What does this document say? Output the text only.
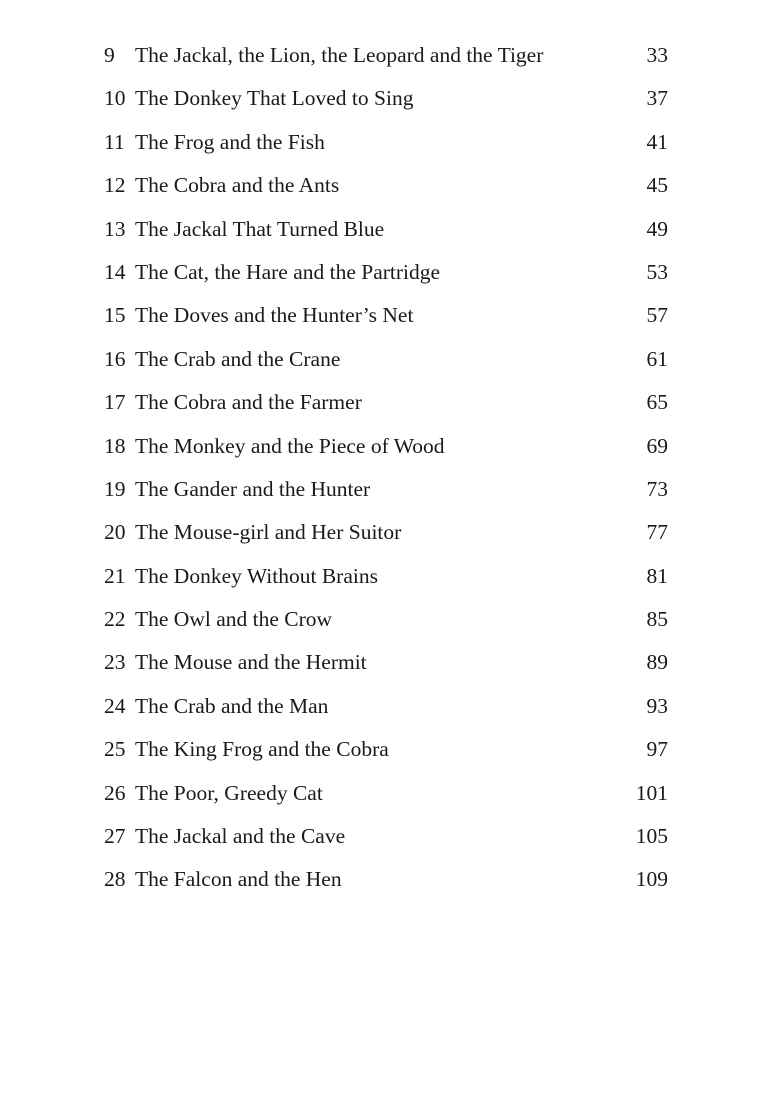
9 The Jackal, the Lion, the Leopard and the Tiger	33
10 The Donkey That Loved to Sing	37
11 The Frog and the Fish	41
12 The Cobra and the Ants	45
13 The Jackal That Turned Blue	49
14 The Cat, the Hare and the Partridge	53
15 The Doves and the Hunter’s Net	57
16 The Crab and the Crane	61
17 The Cobra and the Farmer	65
18 The Monkey and the Piece of Wood	69
19 The Gander and the Hunter	73
20 The Mouse-girl and Her Suitor	77
21 The Donkey Without Brains	81
22 The Owl and the Crow	85
23 The Mouse and the Hermit	89
24 The Crab and the Man	93
25 The King Frog and the Cobra	97
26 The Poor, Greedy Cat	101
27 The Jackal and the Cave	105
28 The Falcon and the Hen	109
